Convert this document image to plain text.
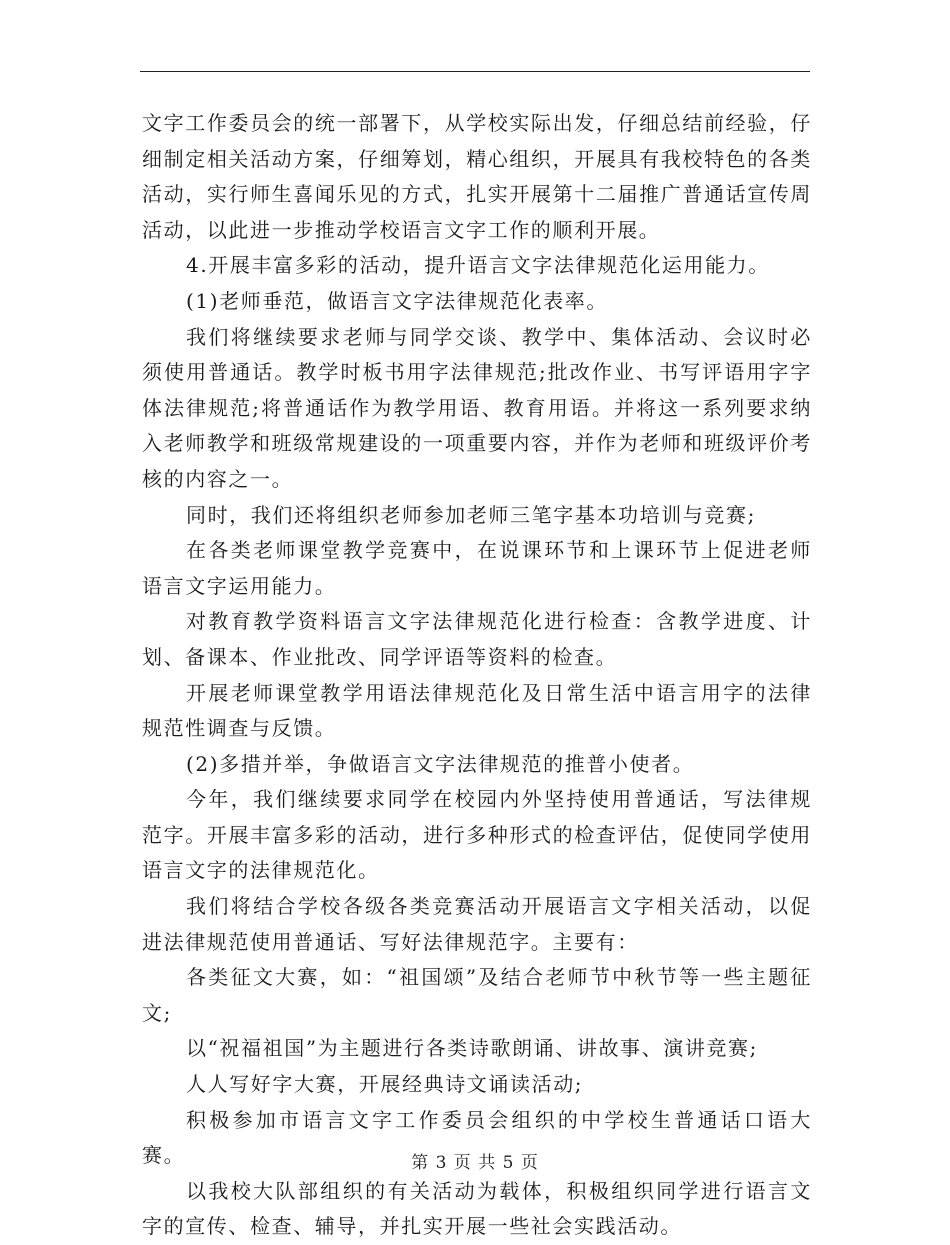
文字工作委员会的统一部署下，从学校实际出发，仔细总结前经验，仔细制定相关活动方案，仔细筹划，精心组织，开展具有我校特色的各类活动，实行师生喜闻乐见的方式，扎实开展第十二届推广普通话宣传周活动，以此进一步推动学校语言文字工作的顺利开展。

4.开展丰富多彩的活动，提升语言文字法律规范化运用能力。

(1)老师垂范，做语言文字法律规范化表率。

我们将继续要求老师与同学交谈、教学中、集体活动、会议时必须使用普通话。教学时板书用字法律规范;批改作业、书写评语用字字体法律规范;将普通话作为教学用语、教育用语。并将这一系列要求纳入老师教学和班级常规建设的一项重要内容，并作为老师和班级评价考核的内容之一。

同时，我们还将组织老师参加老师三笔字基本功培训与竞赛;

在各类老师课堂教学竞赛中，在说课环节和上课环节上促进老师语言文字运用能力。

对教育教学资料语言文字法律规范化进行检查：含教学进度、计划、备课本、作业批改、同学评语等资料的检查。

开展老师课堂教学用语法律规范化及日常生活中语言用字的法律规范性调查与反馈。

(2)多措并举，争做语言文字法律规范的推普小使者。

今年，我们继续要求同学在校园内外坚持使用普通话，写法律规范字。开展丰富多彩的活动，进行多种形式的检查评估，促使同学使用语言文字的法律规范化。

我们将结合学校各级各类竞赛活动开展语言文字相关活动，以促进法律规范使用普通话、写好法律规范字。主要有：

各类征文大赛，如：“祖国颂”及结合老师节中秋节等一些主题征文;

以“祝福祖国”为主题进行各类诗歌朗诵、讲故事、演讲竞赛;

人人写好字大赛，开展经典诗文诵读活动;

积极参加市语言文字工作委员会组织的中学校生普通话口语大赛。

以我校大队部组织的有关活动为载体，积极组织同学进行语言文字的宣传、检查、辅导，并扎实开展一些社会实践活动。

第 3 页 共 5 页
